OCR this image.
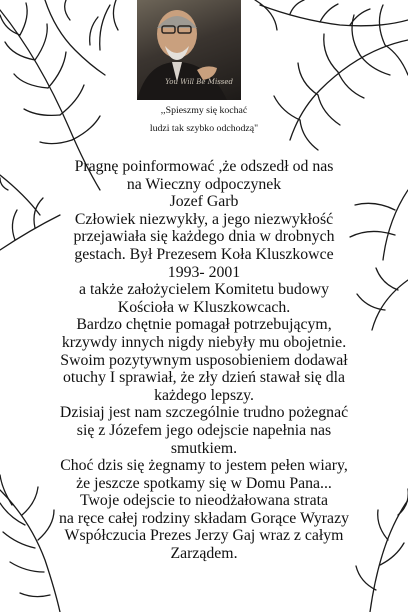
You Will Be Missed
,,Spieszmy się kochać
ludzi tak szybko odchodzą"
Pragnę poinformować ,że odszedł od nas
na Wieczny odpoczynek
Jozef Garb
Człowiek niezwykły, a jego niezwykłość
przejawiała się każdego dnia w drobnych
gestach. Był Prezesem Koła Kluszkowce
1993- 2001
a także założycielem Komitetu budowy
Kościoła w Kluszkowcach.
Bardzo chętnie pomagał potrzebującym,
krzywdy innych nigdy niebyły mu obojetnie.
Swoim pozytywnym usposobieniem dodawał
otuchy I sprawiał, że zły dzień stawał się dla
każdego lepszy.
Dzisiaj jest nam szczególnie trudno pożegnać
się z Józefem jego odejscie napełnia nas
smutkiem.
Choć dzis się żegnamy to jestem pełen wiary,
że jeszcze spotkamy się w Domu Pana...
Twoje odejscie to nieodżałowana strata
na ręce całej rodziny składam Gorące Wyrazy
Współczucia Prezes Jerzy Gaj wraz z całym
Zarządem.
